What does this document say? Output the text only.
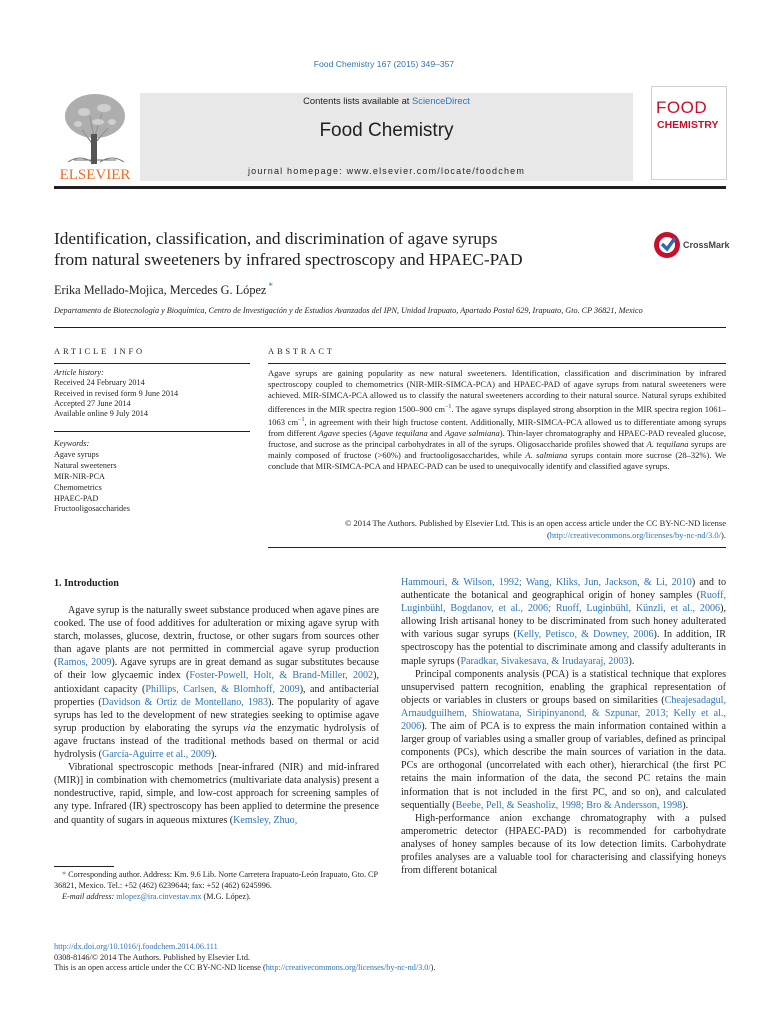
Food Chemistry 167 (2015) 349–357
ELSEVIER
Contents lists available at ScienceDirect
Food Chemistry
journal homepage: www.elsevier.com/locate/foodchem
FOOD
CHEMISTRY
Identification, classification, and discrimination of agave syrups
from natural sweeteners by infrared spectroscopy and HPAEC-PAD
CrossMark
Erika Mellado-Mojica, Mercedes G. López *
Departamento de Biotecnología y Bioquímica, Centro de Investigación y de Estudios Avanzados del IPN, Unidad Irapuato, Apartado Postal 629, Irapuato, Gto. CP 36821, Mexico
ARTICLE INFO
Article history:
Received 24 February 2014
Received in revised form 9 June 2014
Accepted 27 June 2014
Available online 9 July 2014
Keywords:
Agave syrups
Natural sweeteners
MIR-NIR-PCA
Chemometrics
HPAEC-PAD
Fructooligosaccharides
ABSTRACT
Agave syrups are gaining popularity as new natural sweeteners. Identification, classification and discrimination by infrared spectroscopy coupled to chemometrics (NIR-MIR-SIMCA-PCA) and HPAEC-PAD of agave syrups from natural sweeteners were achieved. MIR-SIMCA-PCA allowed us to classify the natural sweeteners according to their natural source. Natural syrups exhibited differences in the MIR spectra region 1500–900 $cm^{-1}$. The agave syrups displayed strong absorption in the MIR spectra region 1061–1063 $cm^{-1}$, in agreement with their high fructose content. Additionally, MIR-SIMCA-PCA allowed us to differentiate among syrups from different Agave species (Agave tequilana and Agave salmiana). Thin-layer chromatography and HPAEC-PAD revealed glucose, fructose, and sucrose as the principal carbohydrates in all of the syrups. Oligosaccharide profiles showed that A. tequilana syrups are mainly composed of fructose (>60%) and fructooligosaccharides, while A. salmiana syrups contain more sucrose (28–32%). We conclude that MIR-SIMCA-PCA and HPAEC-PAD can be used to unequivocally identify and classified agave syrups.
© 2014 The Authors. Published by Elsevier Ltd. This is an open access article under the CC BY-NC-ND license
(http://creativecommons.org/licenses/by-nc-nd/3.0/).
1. Introduction

Agave syrup is the naturally sweet substance produced when agave pines are cooked. The use of food additives for adulteration or mixing agave syrup with starch, molasses, glucose, dextrin, fructose, or other sugars from sources other than agave plants are not permitted in commercial agave syrup production (Ramos, 2009). Agave syrups are in great demand as sugar substitutes because of their low glycaemic index (Foster-Powell, Holt, & Brand-Miller, 2002), antioxidant capacity (Phillips, Carlsen, & Blomhoff, 2009), and antibacterial properties (Davidson & Ortiz de Montellano, 1983). The popularity of agave syrups has led to the development of new strategies seeking to optimise agave syrup production by elaborating the syrups via the enzymatic hydrolysis of agave fructans instead of the traditional methods based on thermal or acid hydrolysis (García-Aguirre et al., 2009).

Vibrational spectroscopic methods [near-infrared (NIR) and mid-infrared (MIR)] in combination with chemometrics (multivariate data analysis) present a nondestructive, rapid, simple, and low-cost approach for screening samples of any type. Infrared (IR) spectroscopy has been applied to determine the presence and quantity of sugars in aqueous mixtures (Kemsley, Zhuo,

Hammouri, & Wilson, 1992; Wang, Kliks, Jun, Jackson, & Li, 2010) and to authenticate the botanical and geographical origin of honey samples (Ruoff, Luginbühl, Bogdanov, et al., 2006; Ruoff, Luginbühl, Künzli, et al., 2006), allowing Irish artisanal honey to be discriminated from such honey adulterated with various sugar syrups (Kelly, Petisco, & Downey, 2006). In addition, IR spectroscopy has the potential to discriminate among and classify adulterants in maple syrups (Paradkar, Sivakesava, & Irudayaraj, 2003).

Principal components analysis (PCA) is a statistical technique that explores unsupervised pattern recognition, enabling the graphical representation of objects or variables in clusters or groups based on similarities (Cheajesadagul, Arnaudguilhem, Shiowatana, Siripinyanond, & Szpunar, 2013; Kelly et al., 2006). The aim of PCA is to express the main information contained within a larger group of variables using a smaller group of variables, defined as principal components (PCs), which describe the main sources of variation in the data. PCs are orthogonal (uncorrelated with each other), hierarchical (the first PC retains the main information of the data, the second PC retains the main information that is not included in the first PC, and so on), and calculated sequentially (Beebe, Pell, & Seasholiz, 1998; Bro & Andersson, 1998).

High-performance anion exchange chromatography with a pulsed amperometric detector (HPAEC-PAD) is recommended for carbohydrate analyses of honey samples because of its low detection limits. Carbohydrate profiles analyses are a valuable tool for characterising and classifying honeys from different botanical

* Corresponding author. Address: Km. 9.6 Lib. Norte Carretera Irapuato-León Irapuato, Gto. CP 36821, Mexico. Tel.: +52 (462) 6239644; fax: +52 (462) 6245996.
E-mail address: mlopez@ira.cinvestav.mx (M.G. López).
http://dx.doi.org/10.1016/j.foodchem.2014.06.111
0308-8146/© 2014 The Authors. Published by Elsevier Ltd.
This is an open access article under the CC BY-NC-ND license (http://creativecommons.org/licenses/by-nc-nd/3.0/).
